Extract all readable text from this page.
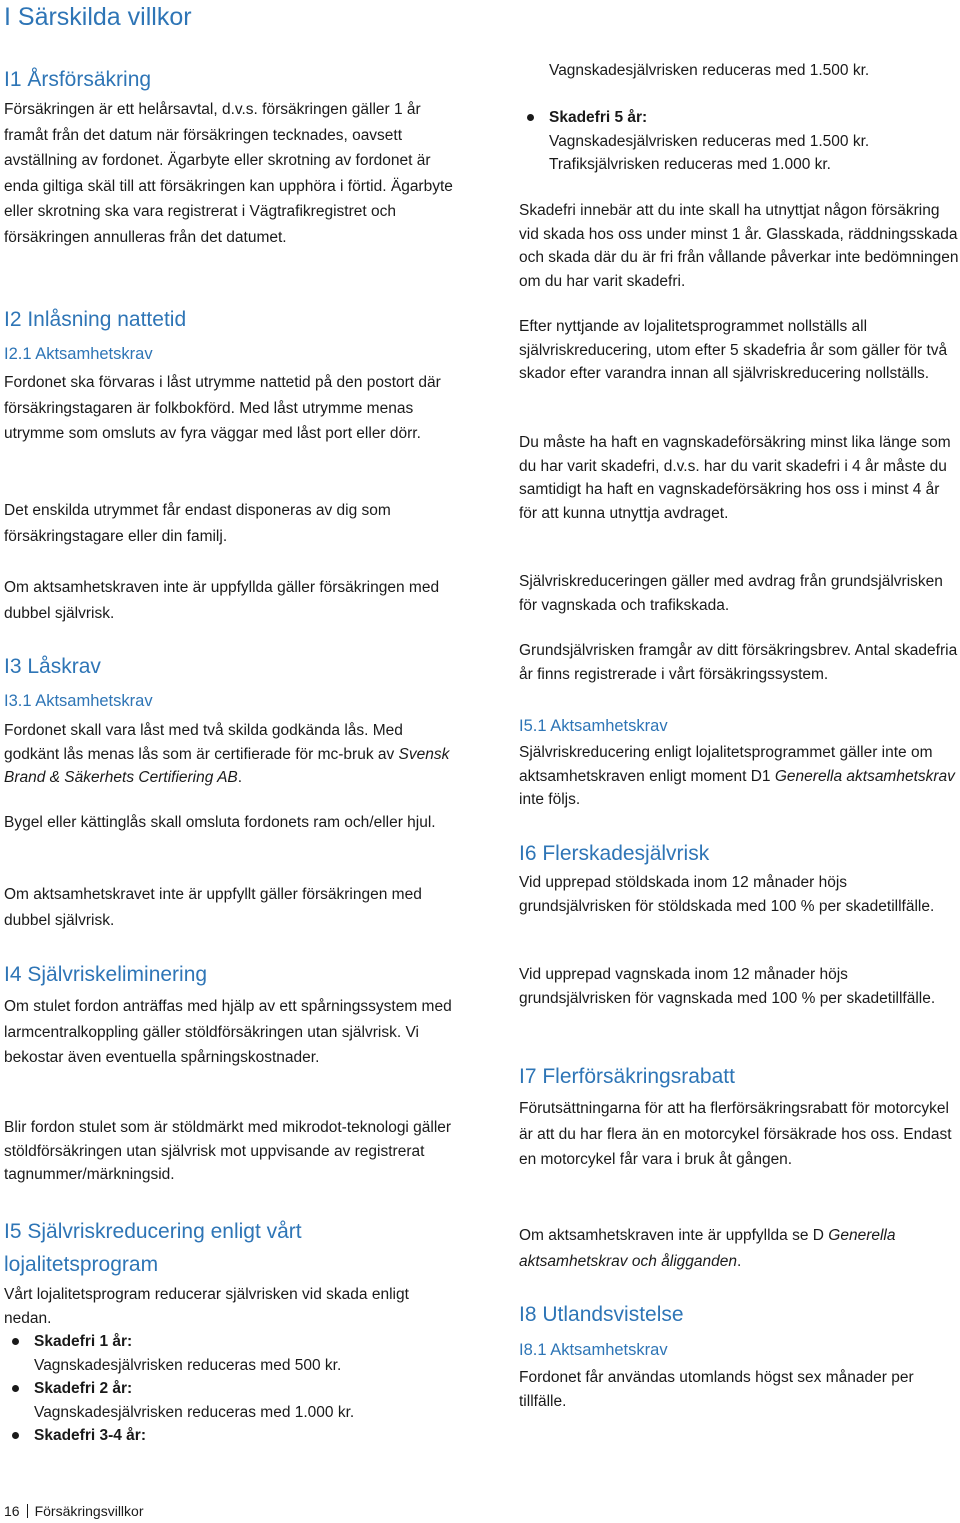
I Särskilda villkor
I1 Årsförsäkring

Försäkringen är ett helårsavtal, d.v.s. försäkringen gäller 1 år framåt från det datum när försäkringen tecknades, oavsett avställning av fordonet. Ägarbyte eller skrotning av fordonet är enda giltiga skäl till att försäkringen kan upphöra i förtid. Ägarbyte eller skrotning ska vara registrerat i Vägtrafikregistret och försäkringen annulleras från det datumet.

I2 Inlåsning nattetid
I2.1 Aktsamhetskrav

Fordonet ska förvaras i låst utrymme nattetid på den postort där försäkringstagaren är folkbokförd. Med låst utrymme menas utrymme som omsluts av fyra väggar med låst port eller dörr.

Det enskilda utrymmet får endast disponeras av dig som försäkringstagare eller din familj.

Om aktsamhetskraven inte är uppfyllda gäller försäkringen med dubbel självrisk.

I3 Låskrav
I3.1 Aktsamhetskrav

Fordonet skall vara låst med två skilda godkända lås. Med godkänt lås menas lås som är certifierade för mc-bruk av Svensk Brand & Säkerhets Certifiering AB.

Bygel eller kättinglås skall omsluta fordonets ram och/eller hjul.

Om aktsamhetskravet inte är uppfyllt gäller försäkringen med dubbel självrisk.

I4 Självriskeliminering

Om stulet fordon anträffas med hjälp av ett spårningssystem med larmcentralkoppling gäller stöldförsäkringen utan självrisk. Vi bekostar även eventuella spårningskostnader.

Blir fordon stulet som är stöldmärkt med mikrodot-teknologi gäller stöldförsäkringen utan självrisk mot uppvisande av registrerat tagnummer/märkningsid.

I5 Självriskreducering enligt vårt lojalitetsprogram

Vårt lojalitetsprogram reducerar självrisken vid skada enligt nedan.

Skadefri 1 år:
Vagnskadesjälvrisken reduceras med 500 kr.
Skadefri 2 år:
Vagnskadesjälvrisken reduceras med 1.000 kr.
Skadefri 3-4 år:

Vagnskadesjälvrisken reduceras med 1.500 kr.

Skadefri 5 år:
Vagnskadesjälvrisken reduceras med 1.500 kr.
Trafiksjälvrisken reduceras med 1.000 kr.

Skadefri innebär att du inte skall ha utnyttjat någon försäkring vid skada hos oss under minst 1 år. Glasskada, räddningsskada och skada där du är fri från vållande påverkar inte bedömningen om du har varit skadefri.

Efter nyttjande av lojalitetsprogrammet nollställs all självriskreducering, utom efter 5 skadefria år som gäller för två skador efter varandra innan all självriskreducering nollställs.

Du måste ha haft en vagnskadeförsäkring minst lika länge som du har varit skadefri, d.v.s. har du varit skadefri i 4 år måste du samtidigt ha haft en vagnskadeförsäkring hos oss i minst 4 år för att kunna utnyttja avdraget.

Självriskreduceringen gäller med avdrag från grundsjälvrisken för vagnskada och trafikskada.

Grundsjälvrisken framgår av ditt försäkringsbrev. Antal skadefria år finns registrerade i vårt försäkringssystem.

I5.1 Aktsamhetskrav

Självriskreducering enligt lojalitetsprogrammet gäller inte om aktsamhetskraven enligt moment D1 Generella aktsamhetskrav inte följs.

I6 Flerskadesjälvrisk

Vid upprepad stöldskada inom 12 månader höjs grundsjälvrisken för stöldskada med 100 % per skadetillfälle.

Vid upprepad vagnskada inom 12 månader höjs grundsjälvrisken för vagnskada med 100 % per skadetillfälle.

I7 Flerförsäkringsrabatt

Förutsättningarna för att ha flerförsäkringsrabatt för motorcykel är att du har flera än en motorcykel försäkrade hos oss. Endast en motorcykel får vara i bruk åt gången.

Om aktsamhetskraven inte är uppfyllda se D Generella aktsamhetskrav och åligganden.

I8 Utlandsvistelse
I8.1 Aktsamhetskrav

Fordonet får användas utomlands högst sex månader per tillfälle.

16 Försäkringsvillkor
